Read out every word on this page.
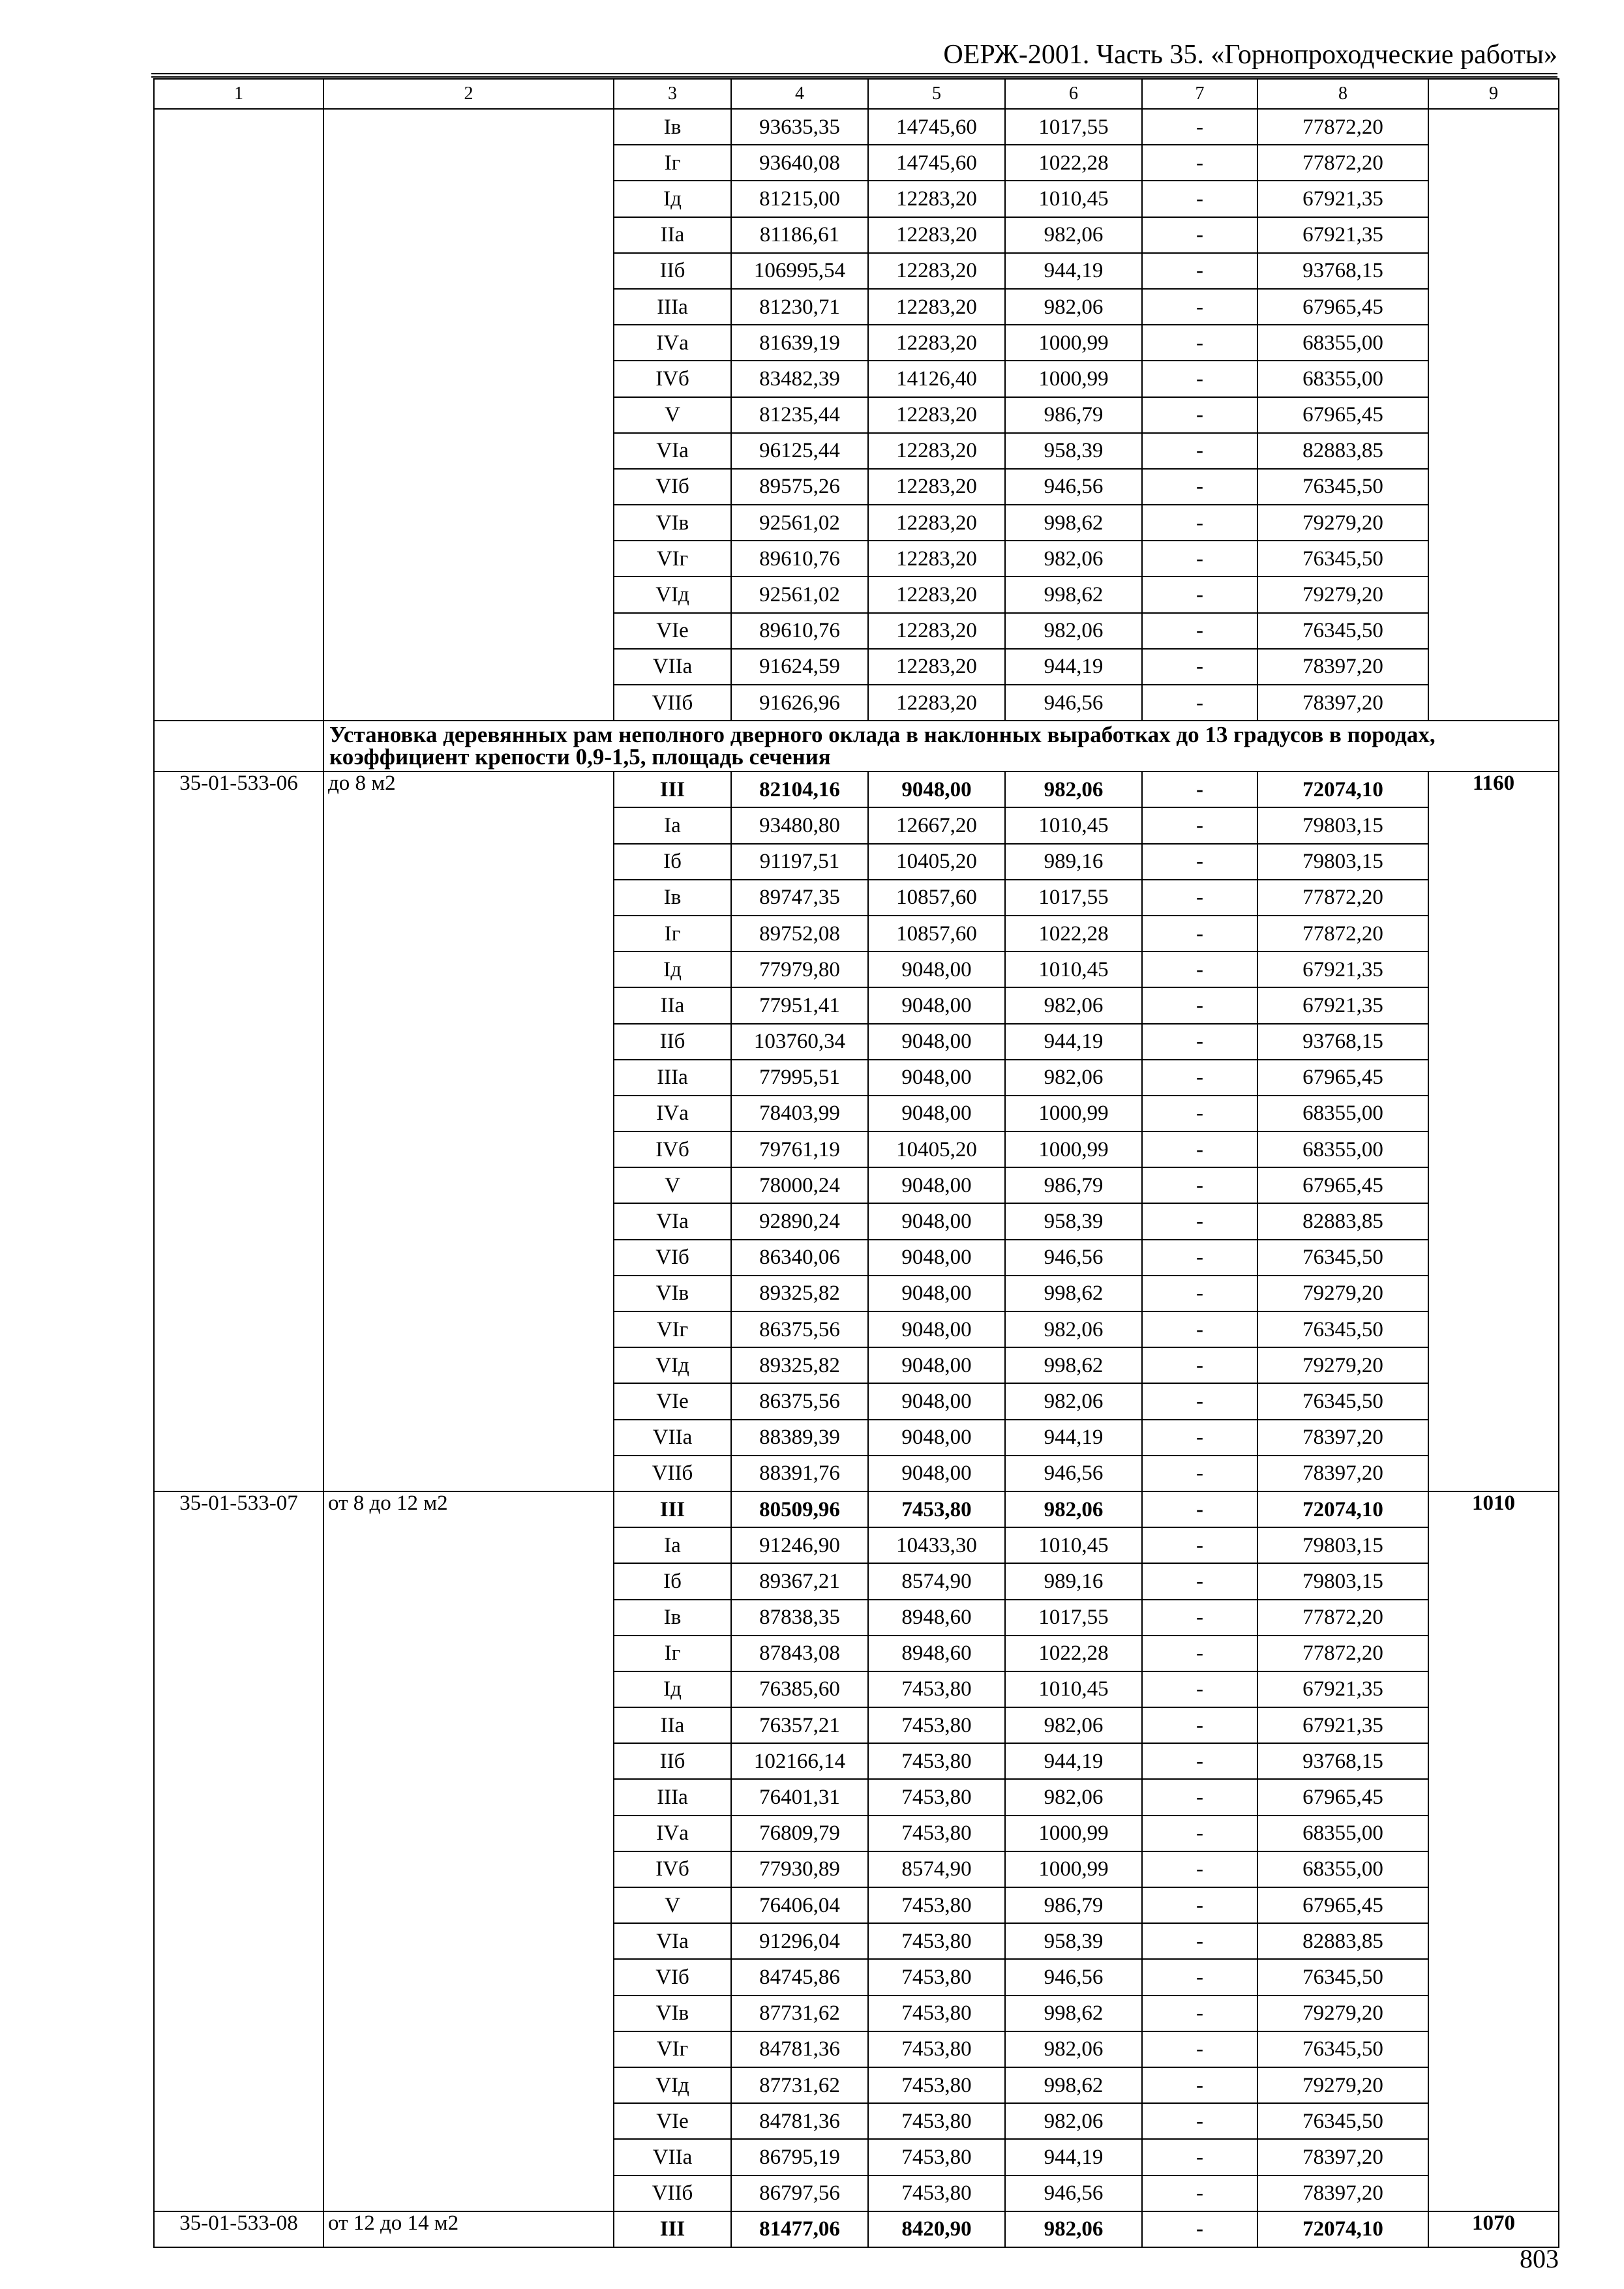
ОЕРЖ-2001. Часть 35. «Горнопроходческие работы»
1	2	3	4	5	6	7	8	9
		Iв	93635,35	14745,60	1017,55	-	77872,20	
		Iг	93640,08	14745,60	1022,28	-	77872,20	
		Iд	81215,00	12283,20	1010,45	-	67921,35	
		IIа	81186,61	12283,20	982,06	-	67921,35	
		IIб	106995,54	12283,20	944,19	-	93768,15	
		IIIа	81230,71	12283,20	982,06	-	67965,45	
		IVа	81639,19	12283,20	1000,99	-	68355,00	
		IVб	83482,39	14126,40	1000,99	-	68355,00	
		V	81235,44	12283,20	986,79	-	67965,45	
		VIа	96125,44	12283,20	958,39	-	82883,85	
		VIб	89575,26	12283,20	946,56	-	76345,50	
		VIв	92561,02	12283,20	998,62	-	79279,20	
		VIг	89610,76	12283,20	982,06	-	76345,50	
		VIд	92561,02	12283,20	998,62	-	79279,20	
		VIе	89610,76	12283,20	982,06	-	76345,50	
		VIIа	91624,59	12283,20	944,19	-	78397,20	
		VIIб	91626,96	12283,20	946,56	-	78397,20	
	Установка деревянных рам неполного дверного оклада в наклонных выработках до 13 градусов в породах, коэффициент крепости 0,9-1,5, площадь сечения							
35-01-533-06	до 8 м2	III	82104,16	9048,00	982,06	-	72074,10	1160
		Iа	93480,80	12667,20	1010,45	-	79803,15	
		Iб	91197,51	10405,20	989,16	-	79803,15	
		Iв	89747,35	10857,60	1017,55	-	77872,20	
		Iг	89752,08	10857,60	1022,28	-	77872,20	
		Iд	77979,80	9048,00	1010,45	-	67921,35	
		IIа	77951,41	9048,00	982,06	-	67921,35	
		IIб	103760,34	9048,00	944,19	-	93768,15	
		IIIа	77995,51	9048,00	982,06	-	67965,45	
		IVа	78403,99	9048,00	1000,99	-	68355,00	
		IVб	79761,19	10405,20	1000,99	-	68355,00	
		V	78000,24	9048,00	986,79	-	67965,45	
		VIа	92890,24	9048,00	958,39	-	82883,85	
		VIб	86340,06	9048,00	946,56	-	76345,50	
		VIв	89325,82	9048,00	998,62	-	79279,20	
		VIг	86375,56	9048,00	982,06	-	76345,50	
		VIд	89325,82	9048,00	998,62	-	79279,20	
		VIе	86375,56	9048,00	982,06	-	76345,50	
		VIIа	88389,39	9048,00	944,19	-	78397,20	
		VIIб	88391,76	9048,00	946,56	-	78397,20	
35-01-533-07	от 8 до 12 м2	III	80509,96	7453,80	982,06	-	72074,10	1010
		Iа	91246,90	10433,30	1010,45	-	79803,15	
		Iб	89367,21	8574,90	989,16	-	79803,15	
		Iв	87838,35	8948,60	1017,55	-	77872,20	
		Iг	87843,08	8948,60	1022,28	-	77872,20	
		Iд	76385,60	7453,80	1010,45	-	67921,35	
		IIа	76357,21	7453,80	982,06	-	67921,35	
		IIб	102166,14	7453,80	944,19	-	93768,15	
		IIIа	76401,31	7453,80	982,06	-	67965,45	
		IVа	76809,79	7453,80	1000,99	-	68355,00	
		IVб	77930,89	8574,90	1000,99	-	68355,00	
		V	76406,04	7453,80	986,79	-	67965,45	
		VIа	91296,04	7453,80	958,39	-	82883,85	
		VIб	84745,86	7453,80	946,56	-	76345,50	
		VIв	87731,62	7453,80	998,62	-	79279,20	
		VIг	84781,36	7453,80	982,06	-	76345,50	
		VIд	87731,62	7453,80	998,62	-	79279,20	
		VIе	84781,36	7453,80	982,06	-	76345,50	
		VIIа	86795,19	7453,80	944,19	-	78397,20	
		VIIб	86797,56	7453,80	946,56	-	78397,20	
35-01-533-08	от 12 до 14 м2	III	81477,06	8420,90	982,06	-	72074,10	1070
803
